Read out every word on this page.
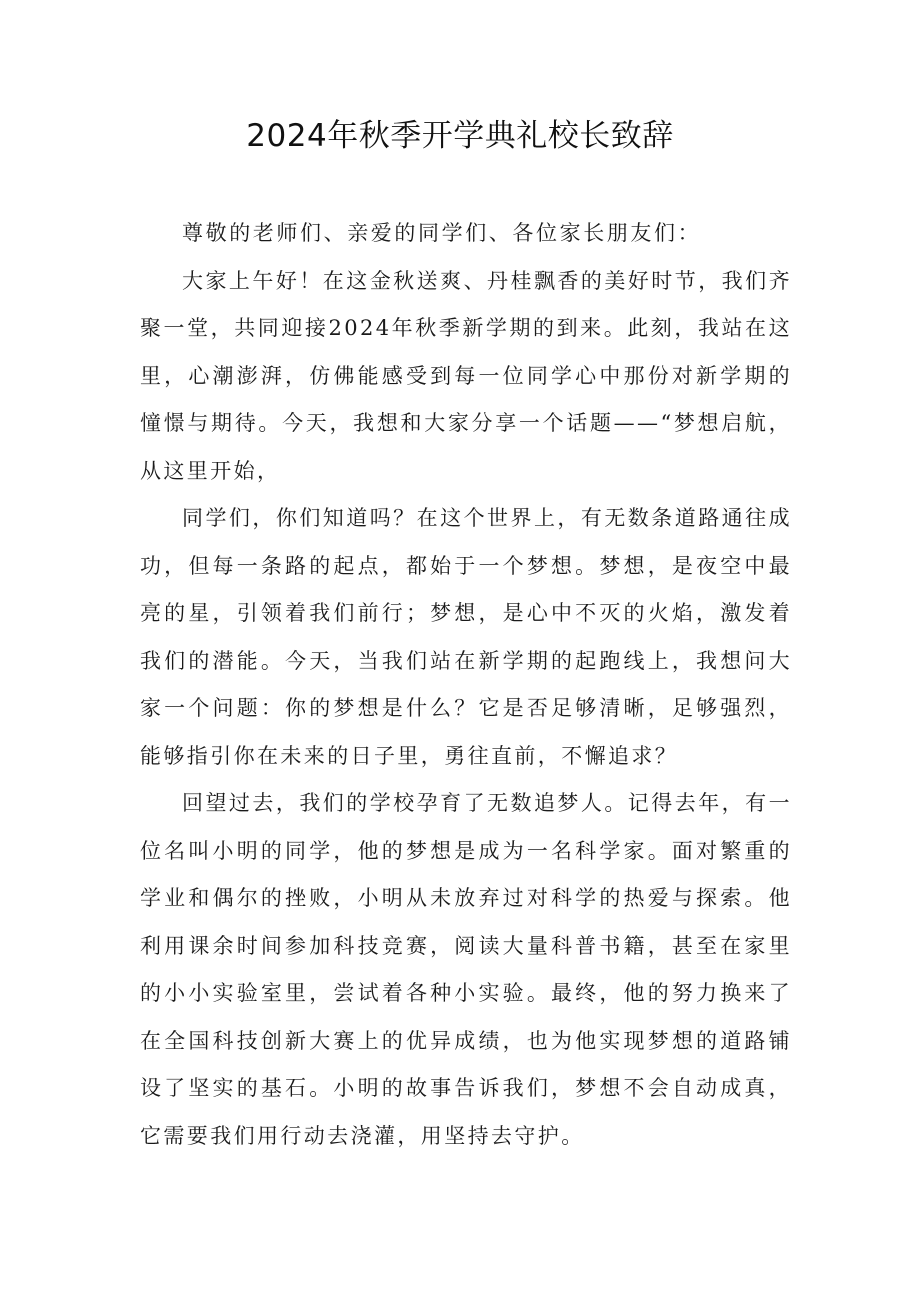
2024年秋季开学典礼校长致辞

尊敬的老师们、亲爱的同学们、各位家长朋友们：

大家上午好！在这金秋送爽、丹桂飘香的美好时节，我们齐聚一堂，共同迎接2024年秋季新学期的到来。此刻，我站在这里，心潮澎湃，仿佛能感受到每一位同学心中那份对新学期的憧憬与期待。今天，我想和大家分享一个话题——“梦想启航，从这里开始，

同学们，你们知道吗？在这个世界上，有无数条道路通往成功，但每一条路的起点，都始于一个梦想。梦想，是夜空中最亮的星，引领着我们前行；梦想，是心中不灭的火焰，激发着我们的潜能。今天，当我们站在新学期的起跑线上，我想问大家一个问题：你的梦想是什么？它是否足够清晰，足够强烈，能够指引你在未来的日子里，勇往直前，不懈追求？

回望过去，我们的学校孕育了无数追梦人。记得去年，有一位名叫小明的同学，他的梦想是成为一名科学家。面对繁重的学业和偶尔的挫败，小明从未放弃过对科学的热爱与探索。他利用课余时间参加科技竞赛，阅读大量科普书籍，甚至在家里的小小实验室里，尝试着各种小实验。最终，他的努力换来了在全国科技创新大赛上的优异成绩，也为他实现梦想的道路铺设了坚实的基石。小明的故事告诉我们，梦想不会自动成真，它需要我们用行动去浇灌，用坚持去守护。
